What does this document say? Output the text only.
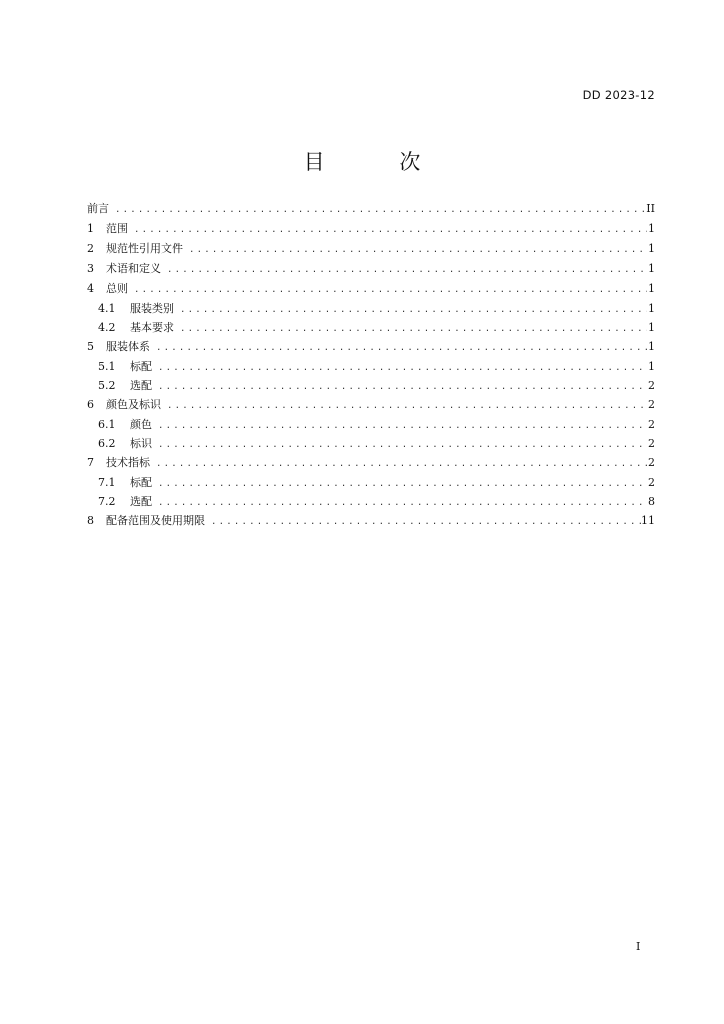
DD 2023-12
目 次
前言 .....	II
1	范围 .....	1
2	规范性引用文件 .....	1
3	术语和定义 .....	1
4	总则 .....	1
4.1	服装类别 .....	1
4.2	基本要求 .....	1
5	服装体系 .....	1
5.1	标配 .....	1
5.2	选配 .....	2
6	颜色及标识 .....	2
6.1	颜色 .....	2
6.2	标识 .....	2
7	技术指标 .....	2
7.1	标配 .....	2
7.2	选配 .....	8
8	配备范围及使用期限 .....	11
I
